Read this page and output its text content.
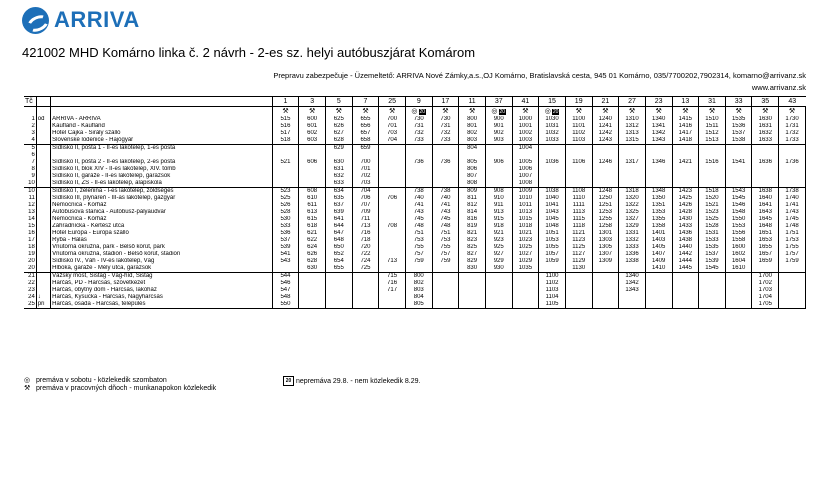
ARRIVA
421002 MHD Komárno linka č. 2 návrh - 2-es sz. helyi autóbuszjárat Komárom
Prepravu zabezpečuje - Üzemeltető: ARRIVA Nové Zámky,a.s.,OJ Komárno, Bratislavská cesta, 945 01 Komárno, 035/7700202,7902314, komarno@arrivanz.sk
www.arrivanz.sk
Tč			1	3	5	7	25	9	17	11	37	41	15	19	21	27	23	13	31	33	35	43
			⚒	⚒	⚒	⚒	⚒	◎ 20	⚒	⚒	◎ 20	⚒	◎ 20	⚒	⚒	⚒	⚒	⚒	⚒	⚒	⚒	⚒
1	od	ARRIVA - ARRIVA	515	600	625	655	700	730	730	800	900	1000	1030	1100	1240	1310	1340	1415	1510	1535	1630	1730
2		Kaufland - Kaufland	516	601	626	656	701	731	731	801	901	1001	1031	1101	1241	1312	1341	1416	1511	1536	1631	1731
3		Hotel Čajka - Sirály szálló	517	602	627	657	703	732	732	802	902	1002	1032	1102	1242	1313	1342	1417	1512	1537	1632	1732
4		Slovenské lodenice - Hajógyár	518	603	628	658	704	733	733	803	903	1003	1033	1103	1243	1315	1343	1418	1513	1538	1633	1733
5		Sídlisko II, pošta 1 - II-es lakótelep, 1-es posta			629	659				804		1004										
6																						
7		Sídlisko II, pošta 2 - II-es lakótelep, 2-es posta	521	606	630	700		736	736	805	906	1005	1036	1106	1246	1317	1346	1421	1516	1541	1636	1736
8		Sídlisko II, blok XIV - II-es lakótelep, XIV. tömb			631	701				806		1006										
9		Sídlisko II, garáže - II-es lakótelep, garázsok			632	702				807		1007										
10		Sídlisko II, ZŠ - II-es lakótelep, alapiskola			633	703				808		1008										
10		Sídlisko I, zelenina - I-es lakótelep, zöldséges	523	608	634	704		738	738	809	908	1009	1038	1108	1248	1318	1348	1423	1518	1543	1638	1738
11		Sídlisko III, plynáreň - III-as lakótelep, gázgyár	525	610	635	706	706	740	740	811	910	1010	1040	1110	1250	1320	1350	1425	1520	1545	1640	1740
12		Nemocnica - Kórház	526	611	637	707		741	741	812	911	1011	1041	1111	1251	1322	1351	1426	1521	1546	1641	1741
13		Autobusová stanica - Autóbusz-pályaudvar	528	613	639	709		743	743	814	913	1013	1043	1113	1253	1325	1353	1428	1523	1548	1643	1743
14		Nemocnica - Kórház	530	615	641	711		745	745	816	915	1015	1045	1115	1255	1327	1355	1430	1525	1550	1645	1745
15		Záhradnícka - Kertész utca	533	618	644	713	708	748	748	819	918	1018	1048	1118	1258	1329	1358	1433	1528	1553	1648	1748
16		Hotel Európa - Európa szálló	536	621	647	716		751	751	821	921	1021	1051	1121	1301	1331	1401	1436	1531	1556	1651	1751
17		Ryba - Halas	537	622	648	718		753	753	823	923	1023	1053	1123	1303	1332	1403	1438	1533	1558	1653	1753
18		Vnútorná okružná, park - Belső körút, park	539	624	650	720		755	755	825	925	1025	1055	1125	1305	1333	1405	1440	1535	1600	1655	1755
19		Vnútorná okružná, štadión - Belső körút, stadion	541	626	652	722		757	757	827	927	1027	1057	1127	1307	1336	1407	1442	1537	1602	1657	1757
20		Sídlisko IV., Váh - IV-es lakótelep, Vág	543	628	654	724	713	759	759	829	929	1029	1059	1129	1309	1338	1409	1444	1539	1604	1659	1759
20		Hlboká, garáže - Mély utca, garázsok		630	655	725				830	930	1035		1130			1410	1445	1545	1610		
21		Vážsky most, Sistag - Vág-híd, Sistag	544				715	800					1100			1340					1700	
22		Harčáš, PD - Harcsás, szövetkezet	546				716	802					1102			1342					1702	
23		Harčáš, obytný dom - Harcsás, lakóház	547				717	803					1103			1343					1703	
24	↓	Harčáš, Kysucká - Harcsás, Nagyharcsás	548					804					1104								1704	
25	pri	Harčáš, osada - Harcsás, település	550					805					1105								1705	
◎ premáva v sobotu - közlekedik szombaton
⚒ premáva v pracovných dňoch - munkanapokon közlekedik
20 nepremáva 29.8. - nem közlekedik 8.29.
